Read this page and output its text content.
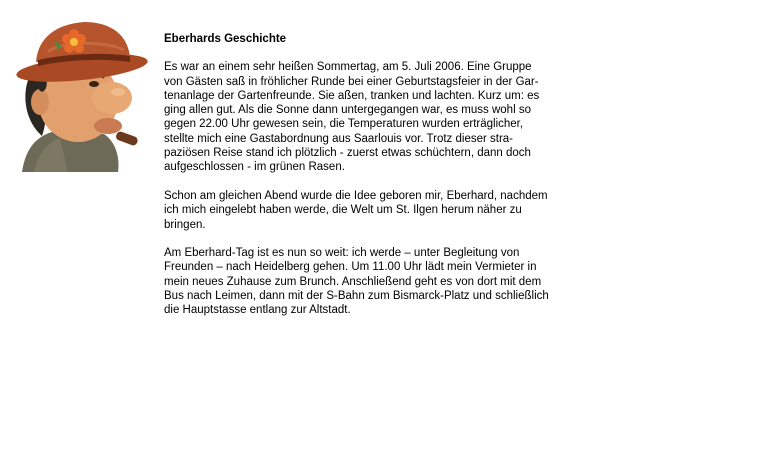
Eberhards Geschichte
Es war an einem sehr heißen Sommertag, am 5. Juli 2006. Eine Gruppe
von Gästen saß in fröhlicher Runde bei einer Geburtstagsfeier in der Gar-
tenanlage der Gartenfreunde. Sie aßen, tranken und lachten. Kurz um: es
ging allen gut. Als die Sonne dann untergegangen war, es muss wohl so
gegen 22.00 Uhr gewesen sein, die Temperaturen wurden erträglicher,
stellte mich eine Gastabordnung aus Saarlouis vor. Trotz dieser stra-
paziösen Reise stand ich plötzlich - zuerst etwas schüchtern, dann doch
aufgeschlossen - im grünen Rasen.
Schon am gleichen Abend wurde die Idee geboren mir, Eberhard, nachdem
ich mich eingelebt haben werde, die Welt um St. Ilgen herum näher zu
bringen.
Am Eberhard-Tag ist es nun so weit: ich werde – unter Begleitung von
Freunden – nach Heidelberg gehen. Um 11.00 Uhr lädt mein Vermieter in
mein neues Zuhause zum Brunch. Anschließend geht es von dort mit dem
Bus nach Leimen, dann mit der S-Bahn zum Bismarck-Platz und schließlich
die Hauptstasse entlang zur Altstadt.
